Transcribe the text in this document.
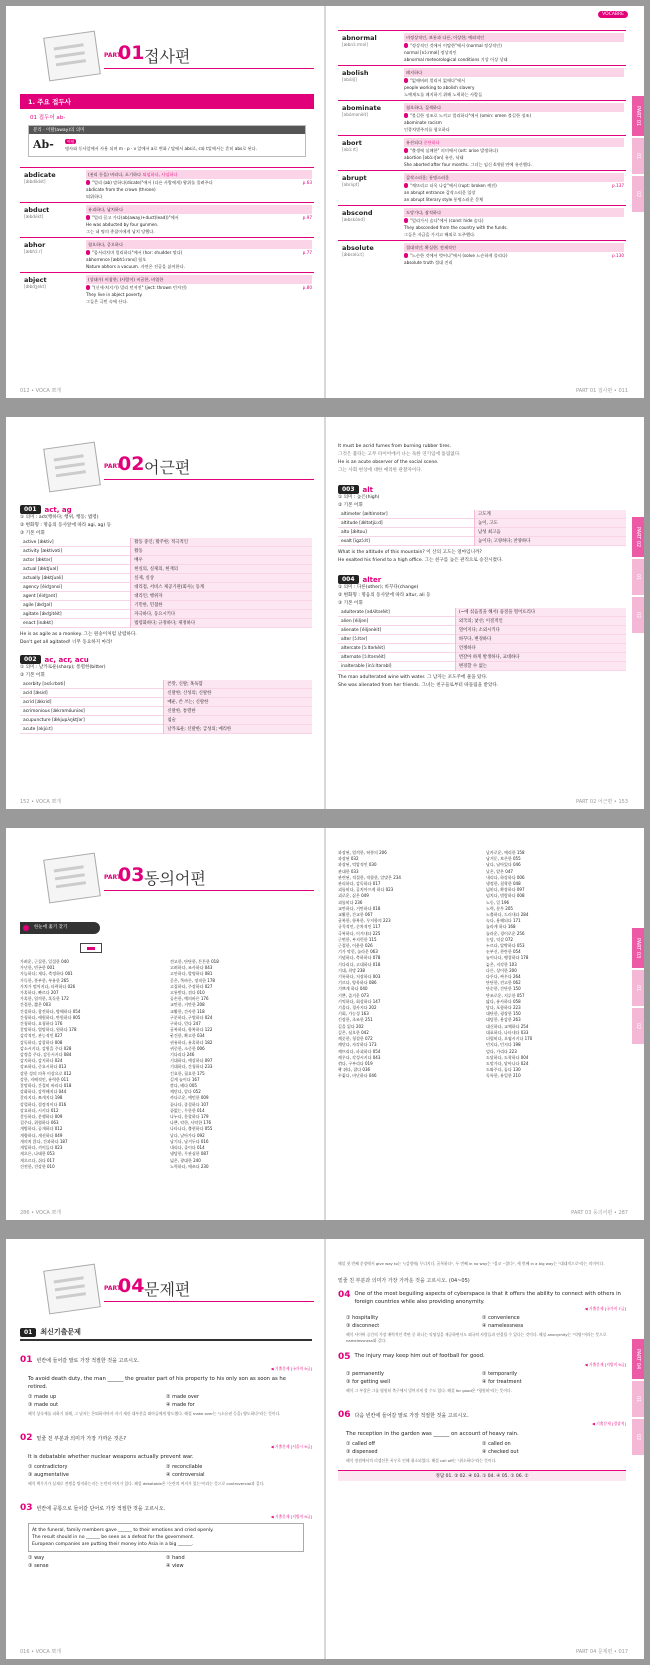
PART
01 접사편
1. 주요 접두사
01 접두어 ab-
분리 · 이탈(away)의 의미
Ab-	어원
명사와 동사앞에서 사용 되며 m · p · v 앞에서 a로 변화 / 탈에서 abs로, c와 t앞에서는 흔히 abs로 된다.
abdicate
[ǽbdikèit]
(권리 등을) 버리다, 포기하다 퇴임하다, 사임하다
"멀리 (ab) 말하다(dicate)"에서 (다른 사람에게) 왕위를 물려주다	p.63
abdicate from the crown (throne)
퇴위하다
abduct
[æbdʌ́kt]
유괴하다, 납치하다
"멀리 끌고 가다(ab(away)+duct(lead))"에서	p.97
He was abducted by four gunmen.
그는 네 명의 총잡이에게 납치 당했다.
abhor
[æbhɔ́ːr]
혐오하다, 증오하다
"몸서리치며 멀리하다"에서 (hor: shudder 떨다)	p.77
abhorrence [æbhɔ́ːrəns] 혐오
Nature abhors a vacuum. 자연은 진공을 싫어한다.
abject
[ǽbdʒekt]
(상태가) 비참한; (사람이) 비굴한, 비열한
"(신세·처지가) 멀리 던져진" (ject: thrown 던져진)	p.80
They live in abject poverty.
그들은 극빈 속에 산다.
012 • VOCA 뽀개
VOCABRE
abnormal
[æbnɔ́ːrməl]
비정상적인, 보통과 다른, 이상한; 예외적인
"정상적인 것에서 이탈한"에서 (normal 정상적인)
normal [nɔ́ːrməl] 정상적인
abnormal meteorological conditions 기상 이상 상태
abolish
[əbɑ́liʃ]
폐지하다
"없애버려 멀리서 없애다"에서
people working to abolish slavery
노예제도를 폐지하기 위해 노력하는 사람들
abominate
[əbɑ́mənèit]
혐오하다, 질색하다
"불길한 징조로 느끼고 멀리하다"에서 (omin: omen 불길한 징조)
abominate racism
인종차별주의를 혐오하다
abort
[əbɔ́ːrt]
유산되다 중단하다
"출생에 실패한" 의미에서 (ort: arise 발생하다)
abortion [əbɔ́ːrʃən] 유산, 낙태
She aborted after four months. 그녀는 임신 4개월 만에 유산했다.
abrupt
[əbrʌ́pt]
갑작스러운; 퉁명스러운
"깨뜨리고 더욱 나감"에서 (rupt: broken 깨진)	p.137
an abrupt entrance 갑작스러운 입장
an abrupt literary style 퉁명스러운 문체
abscond
[æbskɑ́nd]
도망가다, 잠적하다
"멀리가서 숨다"에서 (cond: hide 숨다)
They absconded from the country with the funds.
그들은 자금을 가지고 해외로 도주했다.
absolute
[ǽbsəlùːt]
절대적인; 확실한; 전제적인
"느슨한 것에서 벗어나"에서 (solve 느슨하게 풀리다)	p.130
absolute truth 절대 진리
PART 01
01
02
PART 01 접사편 • 011
PART
02 어근편
001	act, ag
① 의미 : act(행하다; 행위, 행동; 법령)
② 변화형 : 명음의 동사앞에 따라 agi, ag) 등
③ 기본 어휘
active [ǽktiv]	활동 중인; 활주한; 적극적인
activity [æktívəti]	활동
actor [ǽktər]	배우
actual [ǽktʃuəl]	현실의, 실제의, 현재의
actually [ǽktʃuəli]	실제, 실상
agency [éidʒənsi]	대리점, 서비스 제공기관(회사); 동계
agent [éidʒənt]	대리인; 행위자
agile [ǽdʒəl]	기민한, 민첩한
agitate [ǽdʒitèit]	자극하다, 동요시키다
enact [inǽkt]	법령화하다; 규정하다; 제정하다
He is as agile as a monkey. 그는 원숭이처럼 날렵하다.
Don't get all agitated! 너무 동요하지 마라!
002	ac, acr, acu
① 의미 : 날카로운(sharp); 통렬한(bitter)
② 기본 어휘
acerbity [əsə́ːrbəti]	쓴맛, 신랄; 혹독함
acid [ǽsid]	신랄한; 산성의; 신랄한
acrid [ǽkrid]	매운, 쓴 쓰는; 신랄한
acrimonious [æ̀krəmóuniəs]	신랄한, 통렬한
acupuncture [ǽkjupʌ̀ŋktʃər]	침술
acute [əkjúːt]	날카로운; 신랄한; 급성의; 예리한
152 • VOCA 뽀개
It must be acrid fumes from burning rubber tires.
그것은 불타는 고무 타이어에서 나는 독한 연기임에 틀림없다.
He is an acute observer of the social scene.
그는 사회 현상에 대한 예리한 관찰자이다.
003	alt
① 의미 : 높은(high)
② 기본 어휘
altimeter [æltímətər]	고도계
altitude [ǽltətjùːd]	높이, 고도
alto [ǽltou]	남성 최고음
exalt [igzɔ́ːlt]	높이다; 고양하다; 찬양하다
What is the altitude of this mountain? 이 산의 고도는 얼마입니까?
He exalted his friend to a high office. 그는 친구를 높은 관직으로 승진시켰다.
004	alter
① 의미 : 다른(other); 바꾸다(change)
② 변화형 : 명음의 동사앞에 따라 altur, ali 등
③ 기본 어휘
adulterate [ədʌ́ltərèit]	(~에 섞음질을 해서) 품질을 떨어뜨리다
alien [éiljən]	외국의; 낯선; 이질적인
alienate [éiljənèit]	멀어지다; 소외시키다
alter [ɔ́ːltər]	바꾸다, 변경하다
altercate [ɔ́ːltərkèit]	언쟁하다
alternate [ɔ́ːltərnèit]	번갈아 하게 발생하다, 교대하다
inalterable [inɔ́ːltərəbl]	변경할 수 없는
The man adulterated wine with water. 그 남자는 포도주에 물을 탔다.
She was alienated from her friends. 그녀는 친구들로부터 따돌림을 받았다.
PART 02
01
02
PART 02 어근편 • 153
PART
03 동의어편
한눈에 훑기 찾기
가려운, 근질한, 일절한 040
가난한, 빈곤한 001
가늠하다; 재다, 측정하다 001
가득한, 풍부한, 부유한 265
가치가 떨어지다, 타락하다 026
가혹하다, 빠르다 207
가혹한, 엄격한, 혹독한 172
간결한, 짧은 003
간섭하다, 참견하다, 방해하다 054
간청하다, 애원하다, 탄원하다 005
간청하다, 요청하다 176
갈망하다, 열망하다, 원하다 178
감각적인, 관능적인 027
감독하다, 감찰하다 008
감소시키다, 감원을 주다 028
감정을 주다, 감동시키다 084
감지하다, 감지하다 024
강조하다, 중요시하다 013
강한 성의 의욕 이상으로 012
강한, 지배적인, 유력한 011
갈망하다, 간절히 바라다 018
강화하다, 강력해지다 044
갈라지다, 쪼개지다 198
강렬하다, 결정적이다 016
강요하다, 시키다 012
갈등하다, 분쟁하다 009
겁주다, 위협하다 063
개방하다, 공개하다 012
개량하다, 개선하다 049
개의치 않다, 간과하다 187
개입하다, 끼어들다 023
게으른, 나태한 053
게으르다, 쉬다 017
건전한, 건강한 010
견고한, 단단한, 튼튼한 018
고려하다, 조사하다 043
고안하다, 발명하다 081
곧은, 똑바른, 정직한 178
고집하다, 주장하다 027
고통받다, 겪다 010
공손한, 예의바른 176
교만한, 거만한 208
교활한, 간사한 118
구분하다, 구별하다 024
구하다, 얻다 247
굴복하다, 항복하다 122
굳건한, 확고한 034
권유하다, 유혹하다 182
귀중한, 소중한 006
기다리다 246
기대하다, 예상하다 097
기대하다, 간청하다 233
긴요한, 필요한 175
길게 늘이다 167
깎다, 베다 005
깨닫다, 알다 052
까다로운, 예민한 009
끝나다, 종결하다 107
끝없는, 무한한 014
나누다, 분할하다 179
나쁜, 악한, 사악한 176
나타나다, 출현하다 055
날다, 날아가다 092
남기다, 남겨두다 016
내리다, 줄이다 014
냉담한, 무관심한 087
넓은, 광대한 240
노력하다, 애쓰다 230
286 • VOCA 뽀개
과장된, 엄격한, 허풍의 206
과장된 032
과장된, 억압적인 030
관대한 033
관련된, 적절한, 적합한, 알맞은 234
관리하다, 감독하다 017
괴롭히다, 골치아프게 하다 023
괴로운, 싫은 049
괴롭히다 236
교만하다, 거만하다 018
교활한, 간교한 067
굴복한, 항복한, 무저항의 223
규칙적인, 순차적인 117
극복하다, 이겨내다 225
근면한, 부지런한 115
근접한, 이웃한 026
기가 막힌, 놀라운 063
기념하다, 축하하다 078
기다리다, 고대하다 018
기대, 희망 238
기록하다, 저장하다 003
기르다, 양육하다 086
기쁘게 하다 040
기쁜, 즐거운 073
기억하다, 회상하다 147
기울다, 경사지다 202
기회, 가능성 163
긴장한, 초조한 251
길을 잃다 202
깊은, 심오한 042
깨끗한, 청결한 072
깨닫다, 자각하다 173
깨뜨리다, 파괴하다 054
깨우다, 각성시키다 043
꺾다, 구부리다 019
꽉 쥐다, 잡다 036
꾸짖다, 비난하다 046
날카로운, 예리한 158
남겨둔, 보존한 055
남다, 남아있다 046
낮은, 얕은 047
내리다, 하강하다 006
냉정한, 침착한 048
넓히다, 확장하다 097
넘치다, 범람하다 008
노동, 일 196
노력, 분투 205
노출하다, 드러내다 284
녹다, 용해되다 171
놀라게 하다 168
놀라운, 경이로운 256
농담, 익살 072
누르다, 압박하다 053
눈부신, 찬란한 054
늘어나다, 팽창하다 178
늦은, 지각한 103
다른, 상이한 200
다투다, 싸우다 264
단단한, 견고한 062
단순한, 간단한 150
단조로운, 지루한 057
닮다, 유사하다 058
담다, 포함하다 223
대단한, 굉장한 150
대담한, 용감한 263
대신하다, 교체하다 254
대표하다, 나타내다 033
더럽히다, 오염시키다 170
던지다, 던지다 198
덮다, 가리다 223
도달하다, 도착하다 004
도망가다, 달아나다 024
도와주다, 돕다 130
독특한, 유일한 210
PART 03
01
02
PART 03 동의어편 • 287
PART
04 문제편
01	최신기출문제
01 빈칸에 들어갈 말로 가장 적절한 것을 고르시오.
◀ 기출문제 [국가직 9급]
To avoid death duty, the man ______ the greater part of his property to his only son as soon as he retired.
① made up	② made over
③ made out	④ made for
해석 상속세를 피하기 위해, 그 남자는 은퇴하자마자 자기 재산 대부분을 외아들에게 양도했다. 해설 make over는 "(소유권 등을) 양도하다"라는 뜻이다.
02 밑줄 친 부분과 의미가 가장 가까운 것은?
◀ 기출문제 [서울시 9급]
It is debatable whether nuclear weapons actually prevent war.
① contradictory	② reconcilable
③ augmentative	④ controversial
해석 핵무기가 실제로 전쟁을 방지하는지는 논란의 여지가 있다. 해설 debatable은 "논란의 여지가 있는"이라는 뜻으로 controversial과 같다.
03 빈칸에 공통으로 들어갈 단어로 가장 적절한 것을 고르시오.
◀ 기출문제 [지방직 9급]
At the funeral, family members gave ______ to their emotions and cried openly.
The result should in no ______ be seen as a defeat for the government.
European companies are putting their money into Asia in a big ______.
① way	② hand
③ sense	④ view
016 • VOCA 뽀개
해설 첫 번째 문장에서 give way to는 "(감정에) 무너지다, 굴복하다", 두 번째 in no way는 "결코 ~않다", 세 번째 in a big way는 "대대적으로"라는 의미이다.
밑줄 친 부분과 의미가 가장 가까운 것을 고르시오. (04~05)
04 One of the most beguiling aspects of cyberspace is that it offers the ability to connect with others in foreign countries while also providing anonymity.
◀ 기출문제 [국가직 7급]
① hospitality	② convenience
③ disconnect	④ namelessness
해석 사이버 공간의 가장 매력적인 측면 중 하나는 익명성을 제공하면서도 외국의 사람들과 연결될 수 있다는 것이다. 해설 anonymity는 "익명"이라는 뜻으로 namelessness와 같다.
05 The injury may keep him out of football for good.
◀ 기출문제 [지방직 9급]
① permanently	② temporarily
③ for getting well	④ for treatment
해석 그 부상은 그를 영원히 축구에서 멀어지게 할 수도 있다. 해설 for good은 "영원히"라는 뜻이다.
06 다음 빈칸에 들어갈 말로 가장 적절한 것을 고르시오.
◀ 기출문제 [경찰직]
The reception in the garden was ______ on account of heavy rain.
① called off	② called on
③ dispensed	④ checked out
해석 정원에서의 리셉션은 폭우로 인해 취소되었다. 해설 call off는 "취소하다"라는 뜻이다.
정답 01. ② 02. ④ 03. ① 04. ④ 05. ① 06. ①
PART 04
01
02
PART 04 문제편 • 017
